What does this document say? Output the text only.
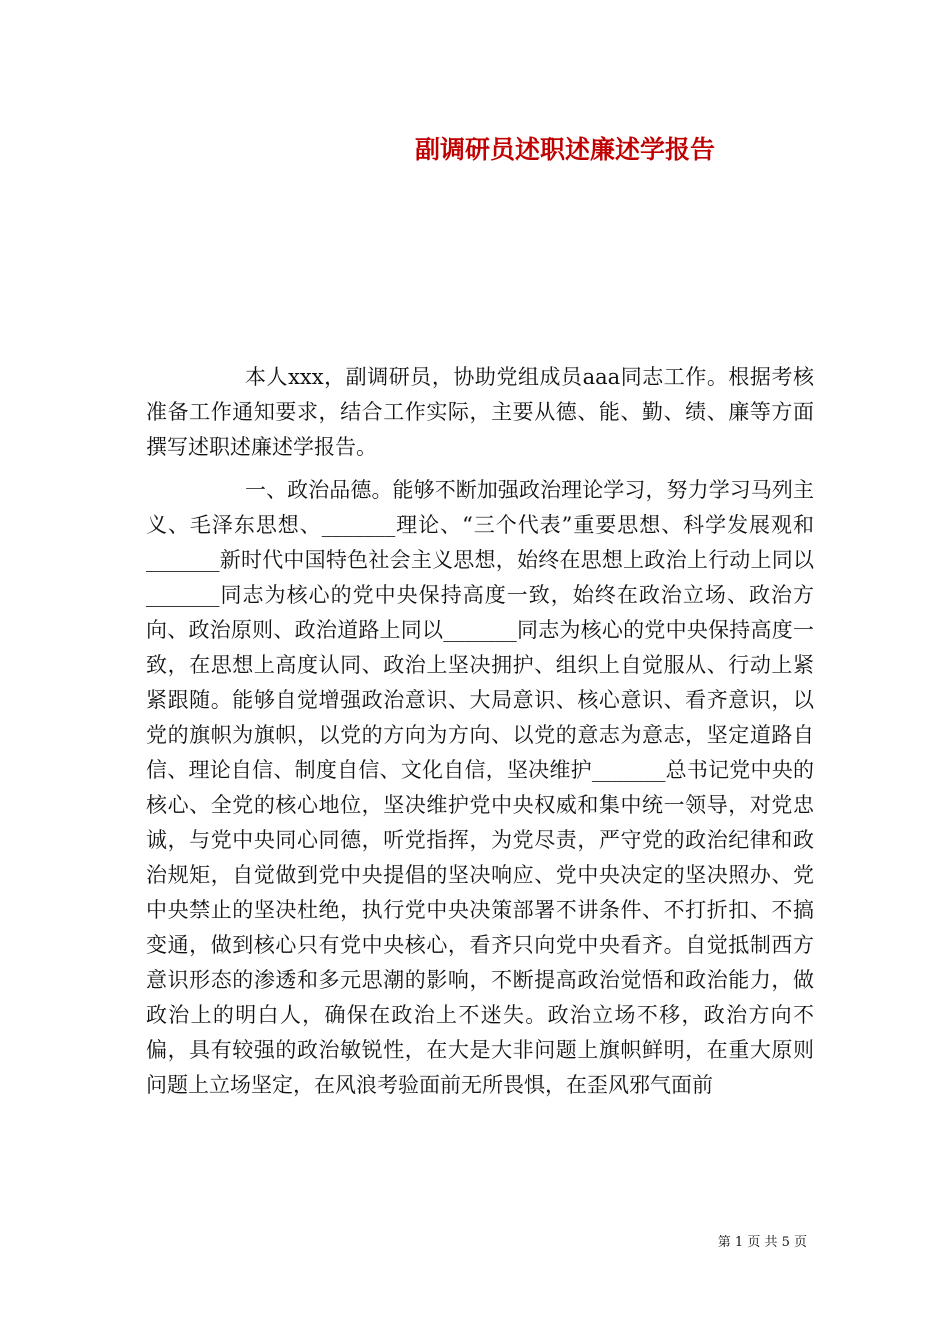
副调研员述职述廉述学报告

本人xxx，副调研员，协助党组成员aaa同志工作。根据考核准备工作通知要求，结合工作实际，主要从德、能、勤、绩、廉等方面撰写述职述廉述学报告。

一、政治品德。能够不断加强政治理论学习，努力学习马列主义、毛泽东思想、_______理论、“三个代表”重要思想、科学发展观和_______新时代中国特色社会主义思想，始终在思想上政治上行动上同以_______同志为核心的党中央保持高度一致，始终在政治立场、政治方向、政治原则、政治道路上同以_______同志为核心的党中央保持高度一致，在思想上高度认同、政治上坚决拥护、组织上自觉服从、行动上紧紧跟随。能够自觉增强政治意识、大局意识、核心意识、看齐意识，以党的旗帜为旗帜，以党的方向为方向、以党的意志为意志，坚定道路自信、理论自信、制度自信、文化自信，坚决维护_______总书记党中央的核心、全党的核心地位，坚决维护党中央权威和集中统一领导，对党忠诚，与党中央同心同德，听党指挥，为党尽责，严守党的政治纪律和政治规矩，自觉做到党中央提倡的坚决响应、党中央决定的坚决照办、党中央禁止的坚决杜绝，执行党中央决策部署不讲条件、不打折扣、不搞变通，做到核心只有党中央核心，看齐只向党中央看齐。自觉抵制西方意识形态的渗透和多元思潮的影响，不断提高政治觉悟和政治能力，做政治上的明白人，确保在政治上不迷失。政治立场不移，政治方向不偏，具有较强的政治敏锐性，在大是大非问题上旗帜鲜明，在重大原则问题上立场坚定，在风浪考验面前无所畏惧，在歪风邪气面前

第 1 页 共 5 页
